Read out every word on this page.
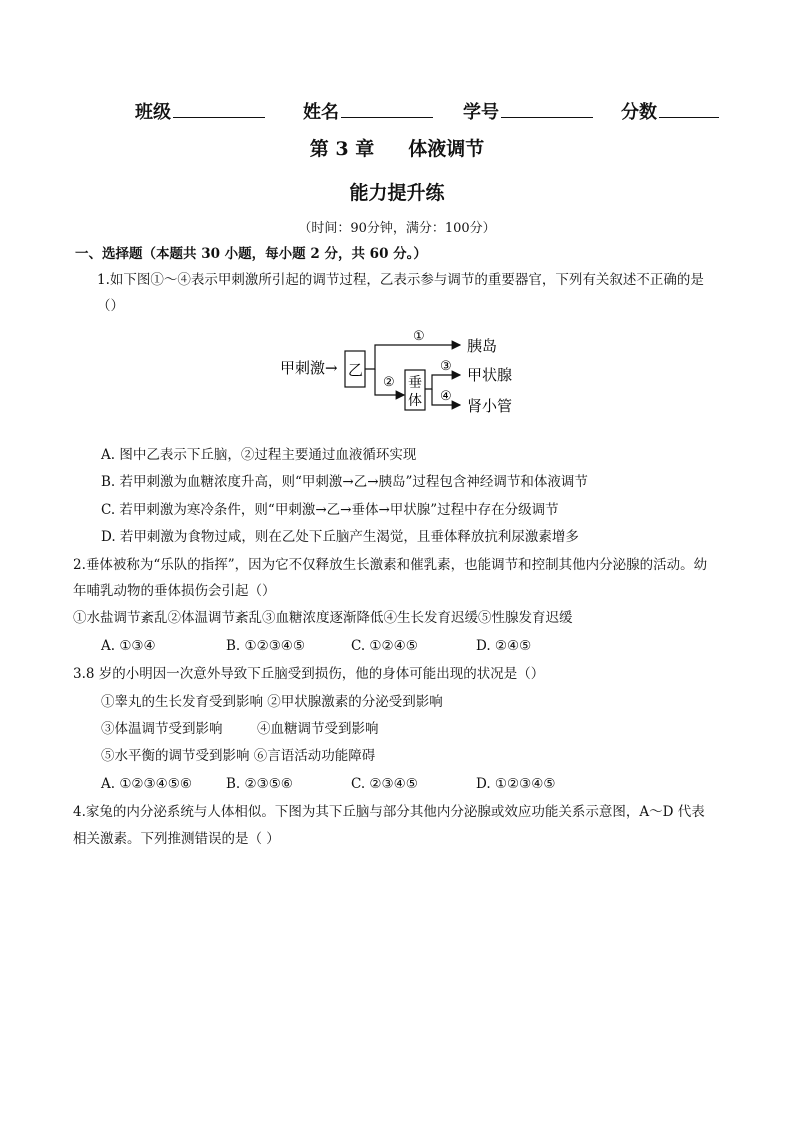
班级	姓名	学号	分数
第 3 章 体液调节
能力提升练
（时间：90分钟，满分：100分）
一、选择题（本题共 30 小题，每小题 2 分，共 60 分。）
1.如下图①～④表示甲刺激所引起的调节过程，乙表示参与调节的重要器官，下列有关叙述不正确的是
（）
甲刺激→ 乙
①
胰岛
② 垂
体
③
④
甲状腺
肾小管
A. 图中乙表示下丘脑，②过程主要通过血液循环实现
B. 若甲刺激为血糖浓度升高，则“甲刺激→乙→胰岛”过程包含神经调节和体液调节
C. 若甲刺激为寒冷条件，则“甲刺激→乙→垂体→甲状腺”过程中存在分级调节
D. 若甲刺激为食物过咸，则在乙处下丘脑产生渴觉，且垂体释放抗利尿激素增多
2.垂体被称为“乐队的指挥”，因为它不仅释放生长激素和催乳素，也能调节和控制其他内分泌腺的活动。幼
年哺乳动物的垂体损伤会引起（）
①水盐调节紊乱②体温调节紊乱③血糖浓度逐渐降低④生长发育迟缓⑤性腺发育迟缓
A. ①③④	B. ①②③④⑤	C. ①②④⑤	D. ②④⑤
3.8 岁的小明因一次意外导致下丘脑受到损伤，他的身体可能出现的状况是（）
①睾丸的生长发育受到影响 ②甲状腺激素的分泌受到影响
③体温调节受到影响	④血糖调节受到影响
⑤水平衡的调节受到影响 ⑥言语活动功能障碍
A. ①②③④⑤⑥	B. ②③⑤⑥	C. ②③④⑤	D. ①②③④⑤
4.家兔的内分泌系统与人体相似。下图为其下丘脑与部分其他内分泌腺或效应功能关系示意图，A～D 代表
相关激素。下列推测错误的是（ ）
